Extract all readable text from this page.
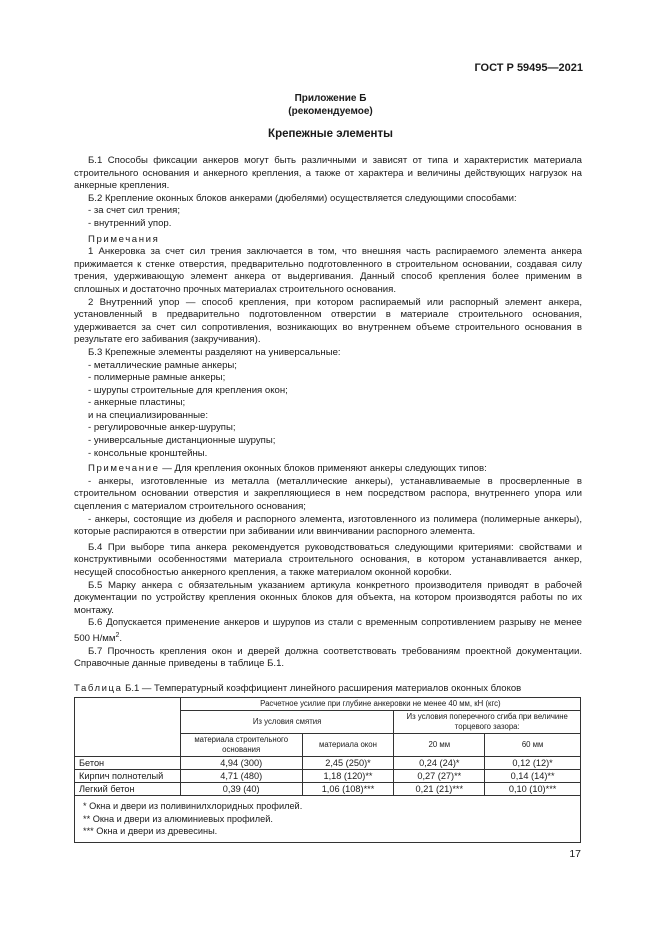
ГОСТ Р 59495—2021
Приложение Б
(рекомендуемое)
Крепежные элементы

Б.1 Способы фиксации анкеров могут быть различными и зависят от типа и характеристик материала строительного основания и анкерного крепления, а также от характера и величины действующих нагрузок на анкерные крепления.

Б.2 Крепление оконных блоков анкерами (дюбелями) осуществляется следующими способами:

- за счет сил трения;

- внутренний упор.

Примечания

1 Анкеровка за счет сил трения заключается в том, что внешняя часть распираемого элемента анкера прижимается к стенке отверстия, предварительно подготовленного в строительном основании, создавая силу трения, удерживающую элемент анкера от выдергивания. Данный способ крепления более применим в сплошных и достаточно прочных материалах строительного основания.

2 Внутренний упор — способ крепления, при котором распираемый или распорный элемент анкера, установленный в предварительно подготовленном отверстии в материале строительного основания, удерживается за счет сил сопротивления, возникающих во внутреннем объеме строительного основания в результате его забивания (закручивания).

Б.3 Крепежные элементы разделяют на универсальные:

- металлические рамные анкеры;

- полимерные рамные анкеры;

- шурупы строительные для крепления окон;

- анкерные пластины;

и на специализированные:

- регулировочные анкер-шурупы;

- универсальные дистанционные шурупы;

- консольные кронштейны.

Примечание — Для крепления оконных блоков применяют анкеры следующих типов:

- анкеры, изготовленные из металла (металлические анкеры), устанавливаемые в просверленные в строительном основании отверстия и закрепляющиеся в нем посредством распора, внутреннего упора или сцепления с материалом строительного основания;

- анкеры, состоящие из дюбеля и распорного элемента, изготовленного из полимера (полимерные анкеры), которые распираются в отверстии при забивании или ввинчивании распорного элемента.

Б.4 При выборе типа анкера рекомендуется руководствоваться следующими критериями: свойствами и конструктивными особенностями материала строительного основания, в котором устанавливается анкер, несущей способностью анкерного крепления, а также материалом оконной коробки.

Б.5 Марку анкера с обязательным указанием артикула конкретного производителя приводят в рабочей документации по устройству крепления оконных блоков для объекта, на котором производятся работы по их монтажу.

Б.6 Допускается применение анкеров и шурупов из стали с временным сопротивлением разрыву не менее 500 $Н/мм^2$.

Б.7 Прочность крепления окон и дверей должна соответствовать требованиям проектной документации. Справочные данные приведены в таблице Б.1.

Таблица Б.1 — Температурный коэффициент линейного расширения материалов оконных блоков
	Расчетное усилие при глубине анкеровки не менее 40 мм, кН (кгс)			
	Из условия смятия		Из условия поперечного сгиба при величине торцевого зазора:	
	материала строительного основания	материала окон	20 мм	60 мм
Бетон	4,94 (300)	2,45 (250)*	0,24 (24)*	0,12 (12)*
Кирпич полнотелый	4,71 (480)	1,18 (120)**	0,27 (27)**	0,14 (14)**
Легкий бетон	0,39 (40)	1,06 (108)***	0,21 (21)***	0,10 (10)***

* Окна и двери из поливинилхлоридных профилей.
** Окна и двери из алюминиевых профилей.
*** Окна и двери из древесины.				
17
